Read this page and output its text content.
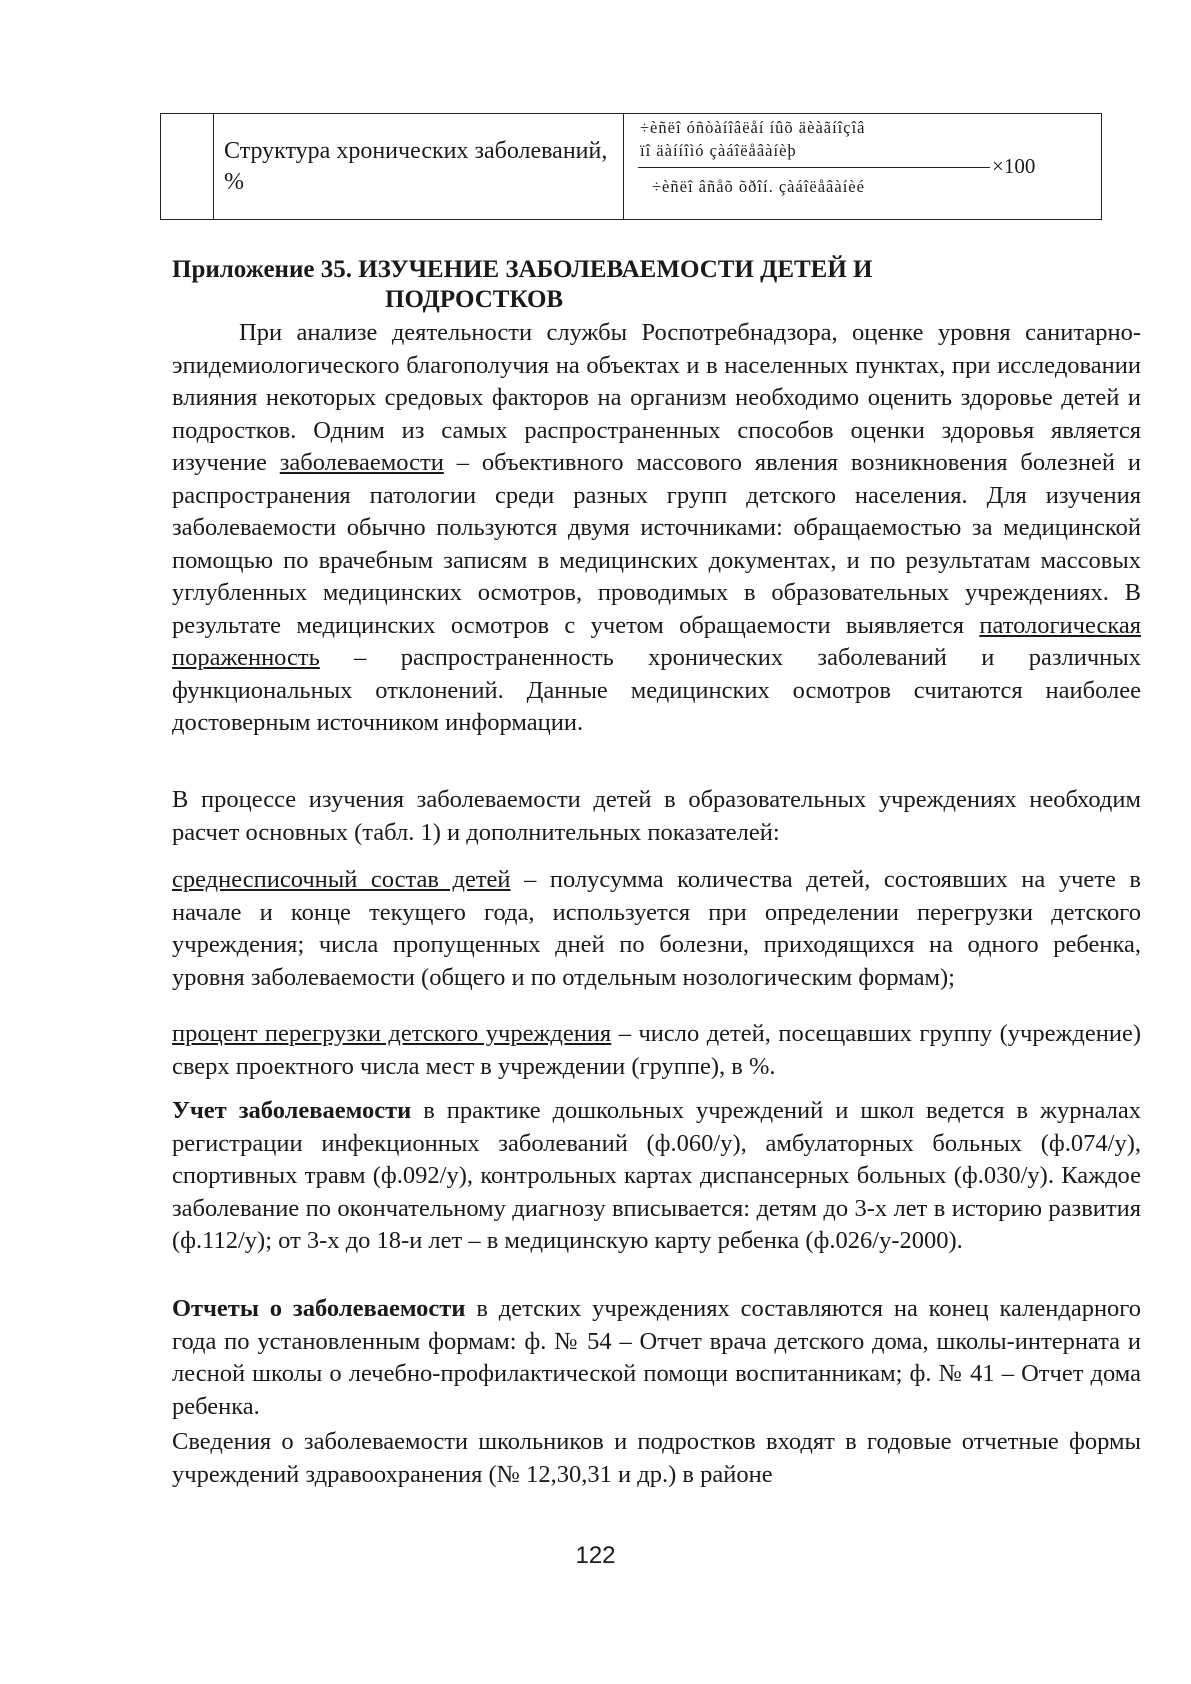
	Структура хронических заболеваний, %	
÷èñëî óñòàíîâëåí íûõ äèàãíîçîâ
ïî äàííîìó çàáîëåâàíèþ
×100
÷èñëî âñåõ õðîí. çàáîëåâàíèé
Приложение 35. ИЗУЧЕНИЕ ЗАБОЛЕВАЕМОСТИ ДЕТЕЙ И
ПОДРОСТКОВ

При анализе деятельности службы Роспотребнадзора, оценке уровня санитарно-эпидемиологического благополучия на объектах и в населенных пунктах, при исследовании влияния некоторых средовых факторов на организм необходимо оценить здоровье детей и подростков. Одним из самых распространенных способов оценки здоровья является изучение заболеваемости – объективного массового явления возникновения болезней и распространения патологии среди разных групп детского населения. Для изучения заболеваемости обычно пользуются двумя источниками: обращаемостью за медицинской помощью по врачебным записям в медицинских документах, и по результатам массовых углубленных медицинских осмотров, проводимых в образовательных учреждениях. В результате медицинских осмотров с учетом обращаемости выявляется патологическая пораженность – распространенность хронических заболеваний и различных функциональных отклонений. Данные медицинских осмотров считаются наиболее достоверным источником информации.

В процессе изучения заболеваемости детей в образовательных учреждениях необходим расчет основных (табл. 1) и дополнительных показателей:

среднесписочный состав детей – полусумма количества детей, состоявших на учете в начале и конце текущего года, используется при определении перегрузки детского учреждения; числа пропущенных дней по болезни, приходящихся на одного ребенка, уровня заболеваемости (общего и по отдельным нозологическим формам);

процент перегрузки детского учреждения – число детей, посещавших группу (учреждение) сверх проектного числа мест в учреждении (группе), в %.

Учет заболеваемости в практике дошкольных учреждений и школ ведется в журналах регистрации инфекционных заболеваний (ф.060/у), амбулаторных больных (ф.074/у), спортивных травм (ф.092/у), контрольных картах диспансерных больных (ф.030/у). Каждое заболевание по окончательному диагнозу вписывается: детям до 3-х лет в историю развития (ф.112/у); от 3-х до 18-и лет – в медицинскую карту ребенка (ф.026/у-2000).

Отчеты о заболеваемости в детских учреждениях составляются на конец календарного года по установленным формам: ф. № 54 – Отчет врача детского дома, школы-интерната и лесной школы о лечебно-профилактической помощи воспитанникам; ф. № 41 – Отчет дома ребенка.

Сведения о заболеваемости школьников и подростков входят в годовые отчетные формы учреждений здравоохранения (№ 12,30,31 и др.) в районе

122
